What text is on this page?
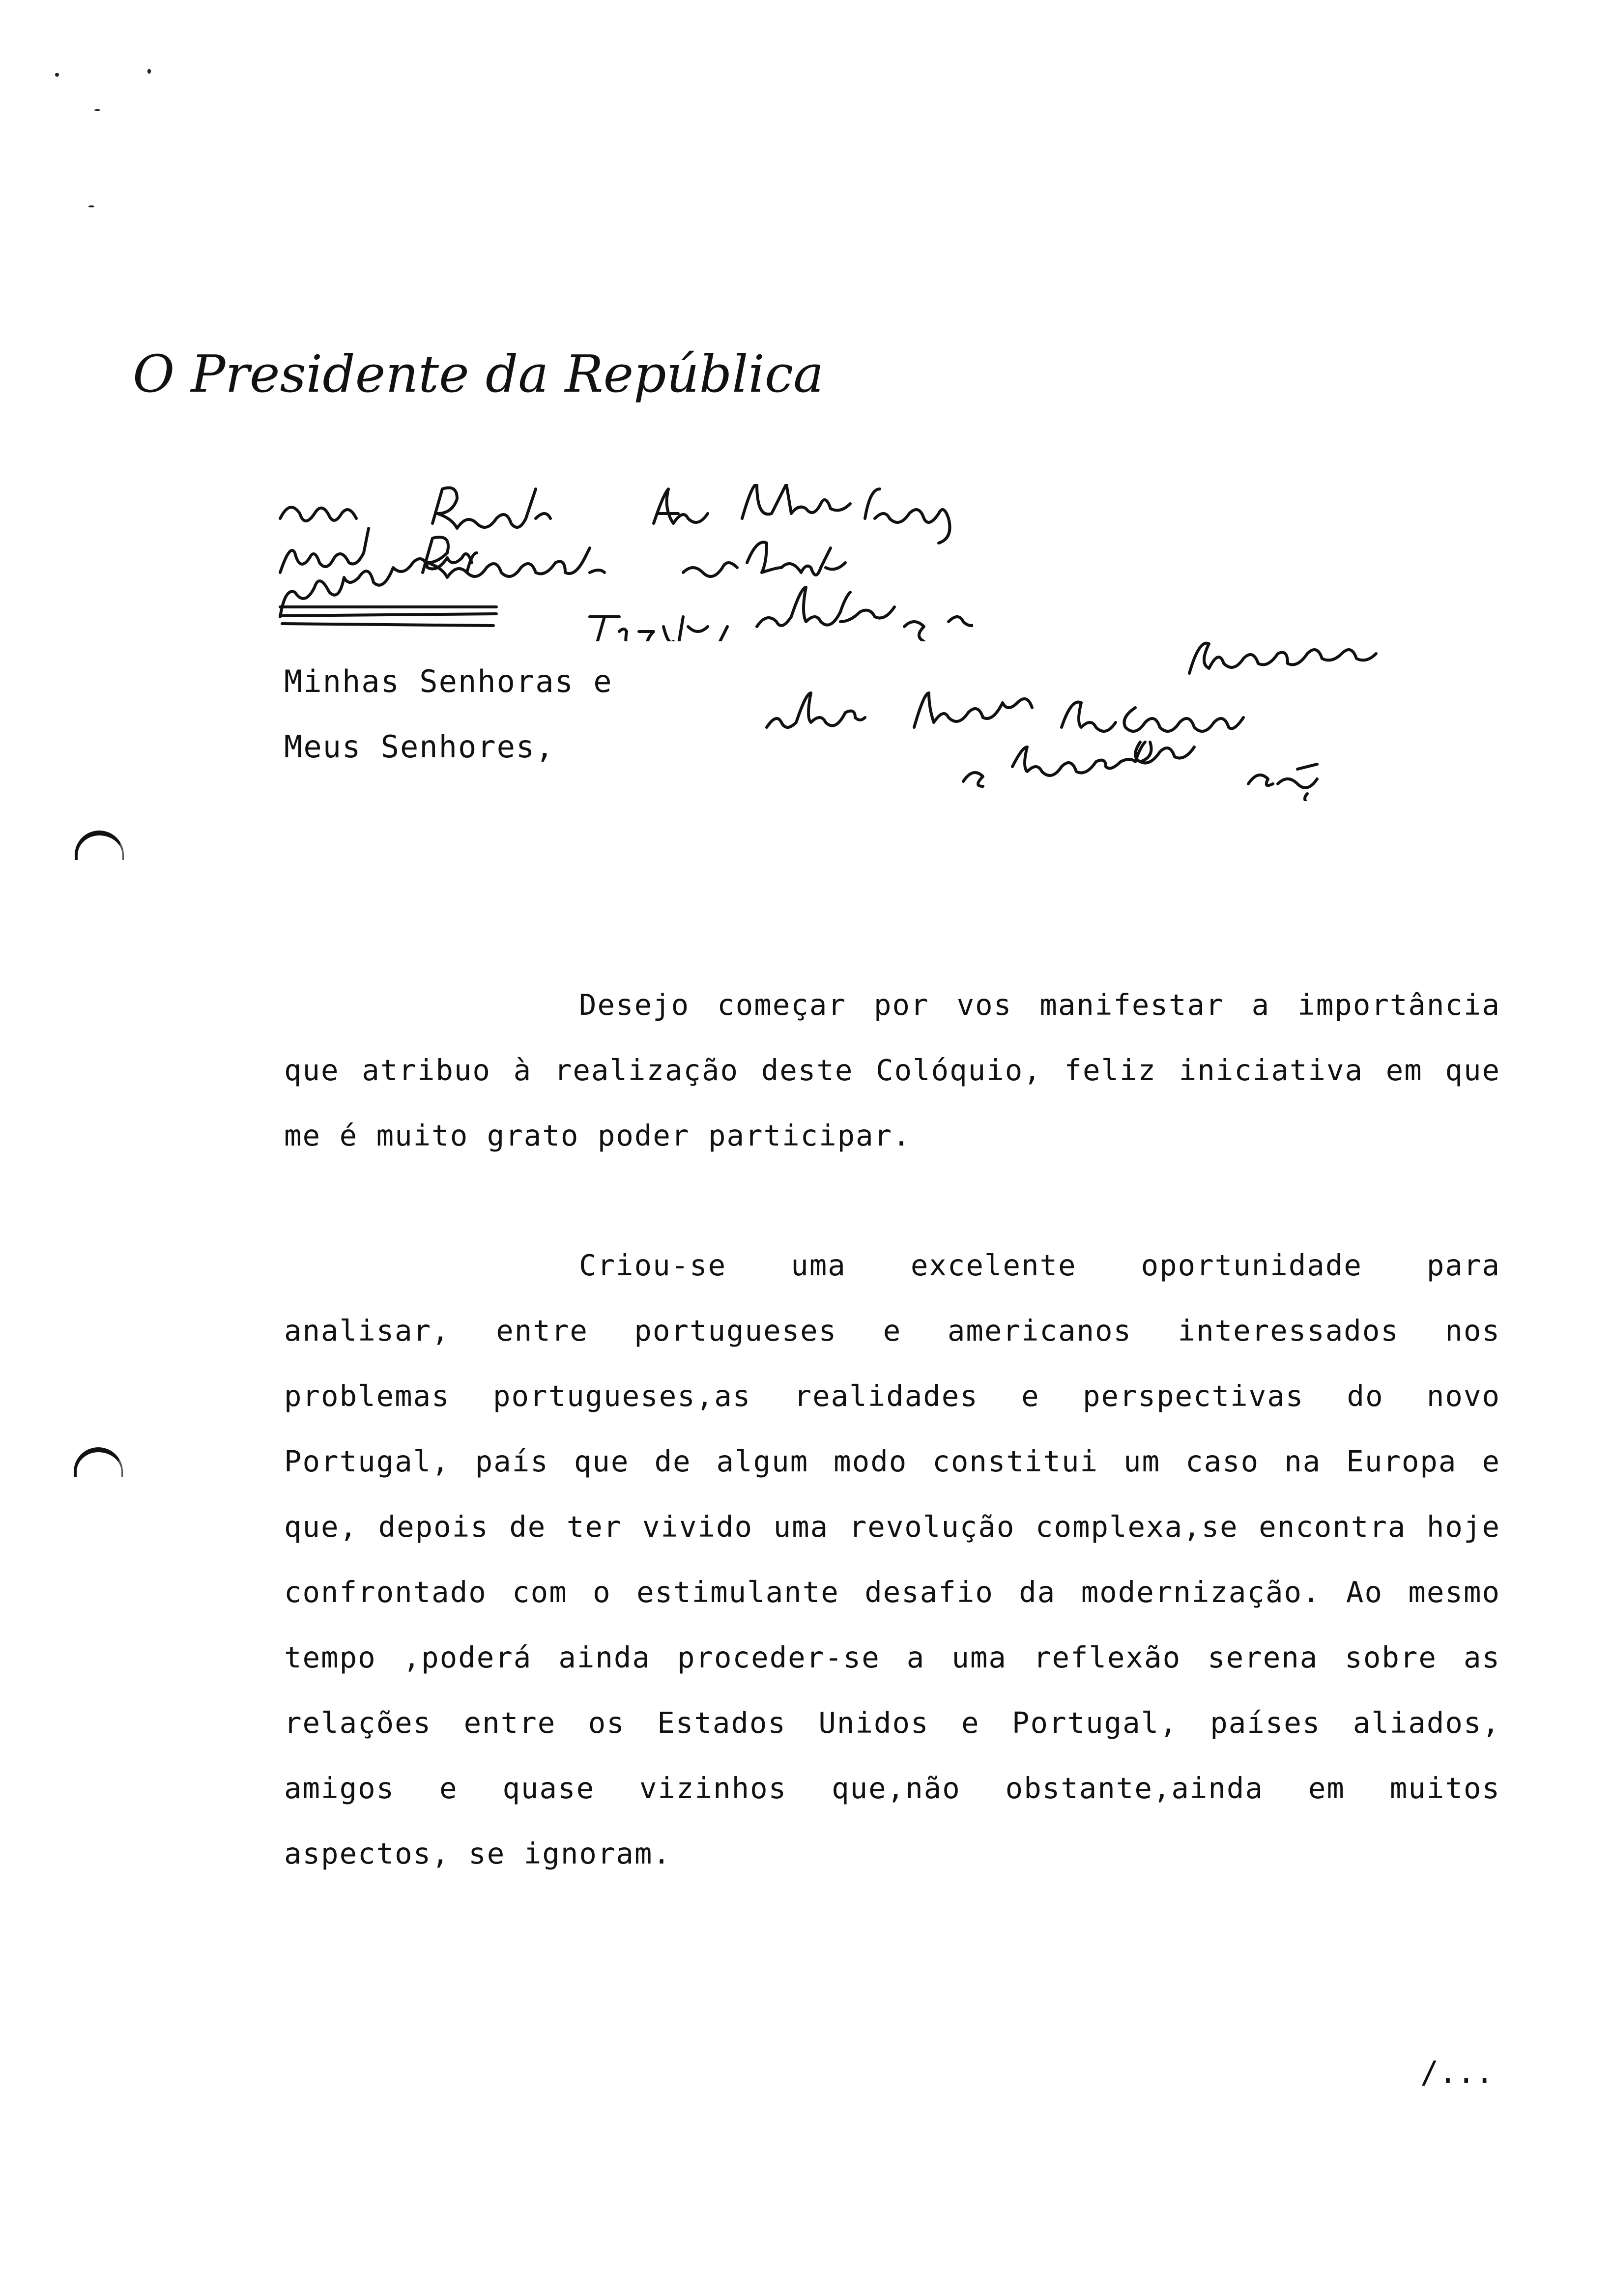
O Presidente da República
Minhas Senhoras e
Meus Senhores,
Desejo começar por vos manifestar a importância que atribuo à realização deste Colóquio, feliz iniciativa em que me é muito grato poder participar.
Criou-se uma excelente oportunidade para analisar, entre portugueses e americanos interessados nos problemas portugueses,as realidades e perspectivas do novo Portugal, país que de algum modo constitui um caso na Europa e que, depois de ter vivido uma revolução complexa,se encontra hoje confrontado com o estimulante desafio da modernização. Ao mesmo tempo ,poderá ainda proceder-se a uma reflexão serena sobre as relações entre os Estados Unidos e Portugal, países aliados, amigos e quase vizinhos que,não obstante,ainda em muitos aspectos, se ignoram.
/...
